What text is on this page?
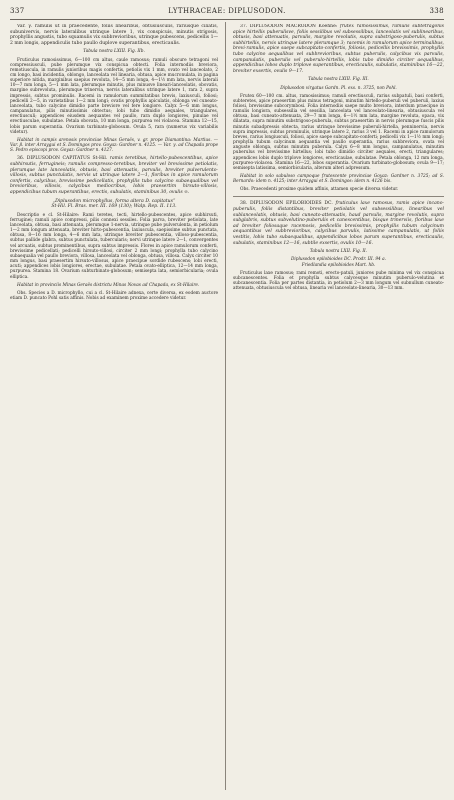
337	LYTHRACEAE: DIPLUSODON.	338

Var. γ. ramulis ut in praecedente, foliis linearibus, obtusiusculis, rariusque ciliatis, subunivervis, nervis lateralibus utrinque latere 1, vix conspicuis, minutis strigosis, prophyllis angustis, tubo squamulis vix subbrevioribus, utrinque pubescens, pedicellis 1—2 mm longis, appendiculis tubo paullo duplove superantibus, erecticaulis.

Tabula nostra LXIII. Fig. IIb.

Fruticulus ramosissimus, 6—100 cm altus, caule ramosus; ramuli obscure tetragoni vel compressiusculi, pube plerumque vix conspicua obtecti. Folia internodiis breviora, remotiuscula, in ramulis junioribus magis confertis, petiolis vix 1 mm, ovato vel lanceolato, 2 cm longo, basi incidentia, oblongo, lanceolata vel linearia, obtusa, apice mucronulata, in pagina superiore nitida, marginibus saepius revoluta, 14—5 mm longa, 4—1½ mm lata, nervis laterali 10—7 mm longa, 5—1 mm lata, plerumque minutis, plus minusve lineari-lanceolatis, obovatis, margine subrevoluta, plerumque trinervia, nervis lateralibus utrinque latere 1, rara 2, supra impressis, subtus prominulis. Racemi in ramulorum summitatibus brevis, laxiusculi, foliosi; pedicelli 2—5, in varietatibus 1—2 mm longi; ovatis prophyllis apiculatis, oblonga vel cuneato-lanceolata, tubo calycino dimidio parte breviore vel fere longiore. Calyx 5—6 mm longus, campanulatus, pilis minutissimis obtectus; lobi tubo dimidio aequales, triangulares, erectiusculi; appendices eiusdem aequantes vel paullo, rara duplo longiores, pinulae vel erectiusculae, subulatae. Petala obovata, 10 mm longa, purpurea vel violacea. Stamina 12—15, lobis parum superantia. Ovarium turbinato-globosum. Ovula 5, rara (numerus vix variabilis videtur).

Habitat in campis arenosis provinciae Minas Geraës, v. gr. prope Diamantina: Martius. — Var. β. inter Arraygui et S. Domingos prov. Goyaz: Gardner n. 4125. — Var. γ. ad Chapada prope S. Pedro episcopi prov. Goyaz: Gardner n. 4127.

36. DIPLUSODON CAPITATUS St-Hil. ramis teretibus, hirtello-pubescentibus, apice subhirsutis, ferrugineis; ramulis compresso-teretibus, breviter vel brevissime petiolatis, plerumque late lanceolatis, obtusis, basi attenuatis, parvulis, breviter pulverulento-villosis, subtus punctulatis, nervis ut utrinque latere 2—1, floribus in apice ramulorum confertis, calycibus, brevissime pedicellatis, prophyllis tubo calycino subaequalibus vel brevioribus, villosis, calycibus mediocribus, lobis praesertim hirsuto-villosis, appendicibus tubum superantibus, erectis, subulatis, staminibus 30, ovulis ∞.

„Diplusodon microphyllus, forma altera D. capitatus“
St-Hil. Fl. Bras. mer. III. 169 (130); Walp. Rep. II. 113.

Descriptio e cl. St-Hilaire: Rami teretes, tecti, hirtello-pubescentes, apice subhirsuti, ferruginei; ramuli apice compressi, pilis connexi sessiles. Folia parva, breviter petiolata, late lanceolata, obtusa, basi attenuata, plerumque 1-nervia, utrinque pube pulverulenta, in petiolum 1—2 mm longum attenuata, breviter hirto-pubescentia, laxiuscula, saepissime subtus punctata, obtusa, 8—16 mm longa, 4—6 mm lata, utrinque breviter pubescentia, villoso-pubescentia, subtus pallide glabra, subtus punctulata, tubercularis; nervi utrinque latere 2—1, convergentes vel arcuatis, subtus prominentibus, supra subtus impressis. Flores in apice ramulorum conferti, brevissime pedicellati; pedicelli hirsuto-villosi, circiter 2 mm longi; prophylla tubo calycino subaequalia vel paullo breviora, villosa, lanceolata vel oblonga, obtusa, villosa. Calyx circiter 10 mm longus, basi praesertim hirsuto-villosus, apice praecipue sordide rubescens; lobi erecti, acuti; appendices lobis longiores, erectae, subulatae. Petala ovato-elliptica, 12—14 mm longa, purpurea. Stamina 18. Ovarium subturbinato-globosum; semisepta lata, semiorbicularia; ovula elliptica.

Habitat in provinciis Minas Geraës districtu Minas Novas ad Chapada, ex St-Hilaire.

Obs. Species a D. microphyllo, cui a cl. St-Hilaire adnexa, certe diversa, ex eodem auctore etiam D. puncato Pohl satis affinis. Nobis ad examinem proxime accedere videtur.

37. DIPLUSODON MACRODON Koehne: frutex ramosissimus, ramulis subtetragonis apice hirtellis puberulisve, foliis sessilibus vel subsessilibus, lanceolatis vel sublinearibus, obtusis, basi attenuatis, parvulis, margine revolutis, supra substrigoso-puberulis, subtus subhirtellis, nervis utrinque latere plerumque 3; racemis in ramulorum apice terminalibus, brevi-ramulis, apice saepe subcapitato-confertis, foliosis, pedicellis brevissimis, prophyllis tubo calycino aequalibus vel subbrevioribus, subtus puberulis, calycibus vix parvulis, campanulatis, puberulis vel puberulo-hirtellis, lobis tubo dimidio circiter aequalibus, appendicibus lobos duplo triplove superantibus, erecticaulis, subulatis, staminibus 16—22, breviter exsertis, ovulis 9—17.

Tabula nostra LXIII. Fig. III.

Diplusodon virgatus Gardn. Pl. exs. n. 3725, non Pohl.

Frutex 60—100 cm. altus, ramosissimus; ramuli erectiusculi, rarius subpatuli, basi conferti, subteretes, apice praesertim plus minus tetragoni, minutim hirtello-puberuli vel puberuli, laxius foliosi, brevissime subcorymbosi. Folia internodiis saepe multo breviora, interdum praecipue in ramulis longiora, subsessilia vel sessilia, lanceolata vel lanceolato-linearia, obtusiuscula vel obtusa, basi cuneato-attenuata, 29—7 mm longa, 6—1½ mm lata, margine revoluta, opaca, vix dilatata, supra minutim substrigoso-puberula, subtus praesertim in nervis plerumque fuscis pilis minutis subadpressis obtecta, rarius utrinque brevissime puberuli-hirtella, penninervia, nervis supra impressis, subtus prominulis, utrinque latere 2, rarius 3 vel 1. Racemi in apice ramulorum breves, rarius longiusculi, foliosi, apice saepe subcapitato-conferti; pedicelli vix 1—1½ mm longi; prophylla tubum calycinum aequantia vel paullo superantia, rarius subbreviora, ovata vel anguste oblonga, subtus minutim puberula. Calyx 6—8 mm longus, campanulatus, minutim puberulus vel brevissime hirtellus; lobi tubo dimidio circiter aequales, erecti, triangulares; appendices lobis duplo triplove longiores, erecticaulae, subulatae. Petala oblonga, 12 mm longa, purpureo-violacea. Stamina 16—22, lobos superantia. Ovarium turbinato-globosum; ovula 9—17; semisepta latissima, semiorbicularia, alterum alteri adpressum.

Habitat in solo sabuloso campoque frutescente provinciae Goyaz: Gardner n. 3725; ad S. Bernardo: idem n. 4125; inter Arraygui et S. Domingos: idem n. 4126 bis.

Obs. Praecedenti proxime quidem affinis, attamen specie diversa videtur.

38. DIPLUSODON EPILOBIOIDES DC. fruticulus laxe ramosus, ramis apice incano-puberulis, foliis distantibus, breviter petiolatis vel subsessilibus, linearibus vel sublanceolatis, obtusis, basi cuneato-attenuatis, haud parvulis, margine revolutis, supra subglabris, subtus subvelutino-puberulis et canescentibus, bisque trinerviis, floribus laxe ad breviter foliosaque racemosis, pedicellis brevissimis, prophyllis tubum calycinum aequantibus vel subbrevioribus, calycibus parvulis, latissime campanulatis, ut foliis vestitis, lobis tubo subaequalibus, appendicibus lobos parum superantibus, erecticaulis, subulatis, staminibus 12—16, subtile exsertis, ovulis 10—16.

Tabula nostra LXII. Fig. II.

Diplusodon epilobioides DC. Prodr. III. 94 a.
Friedlandia epilobioides Mart. hb.

Fruticulus laxe ramosus; rami remoti, erecto-patuli, juniores pube minima vel vix conspicua subcanescentes. Folia et prophylla subtus calycesque minutim puberulo-velutina et subcanescentia. Folia per partes distantia, in petiolum 2—3 mm longum vel subnullum cuneato-attenuata, obtusiuscula vel obtusa, linearia vel lanceolato-linearia, 30—13 mm.
